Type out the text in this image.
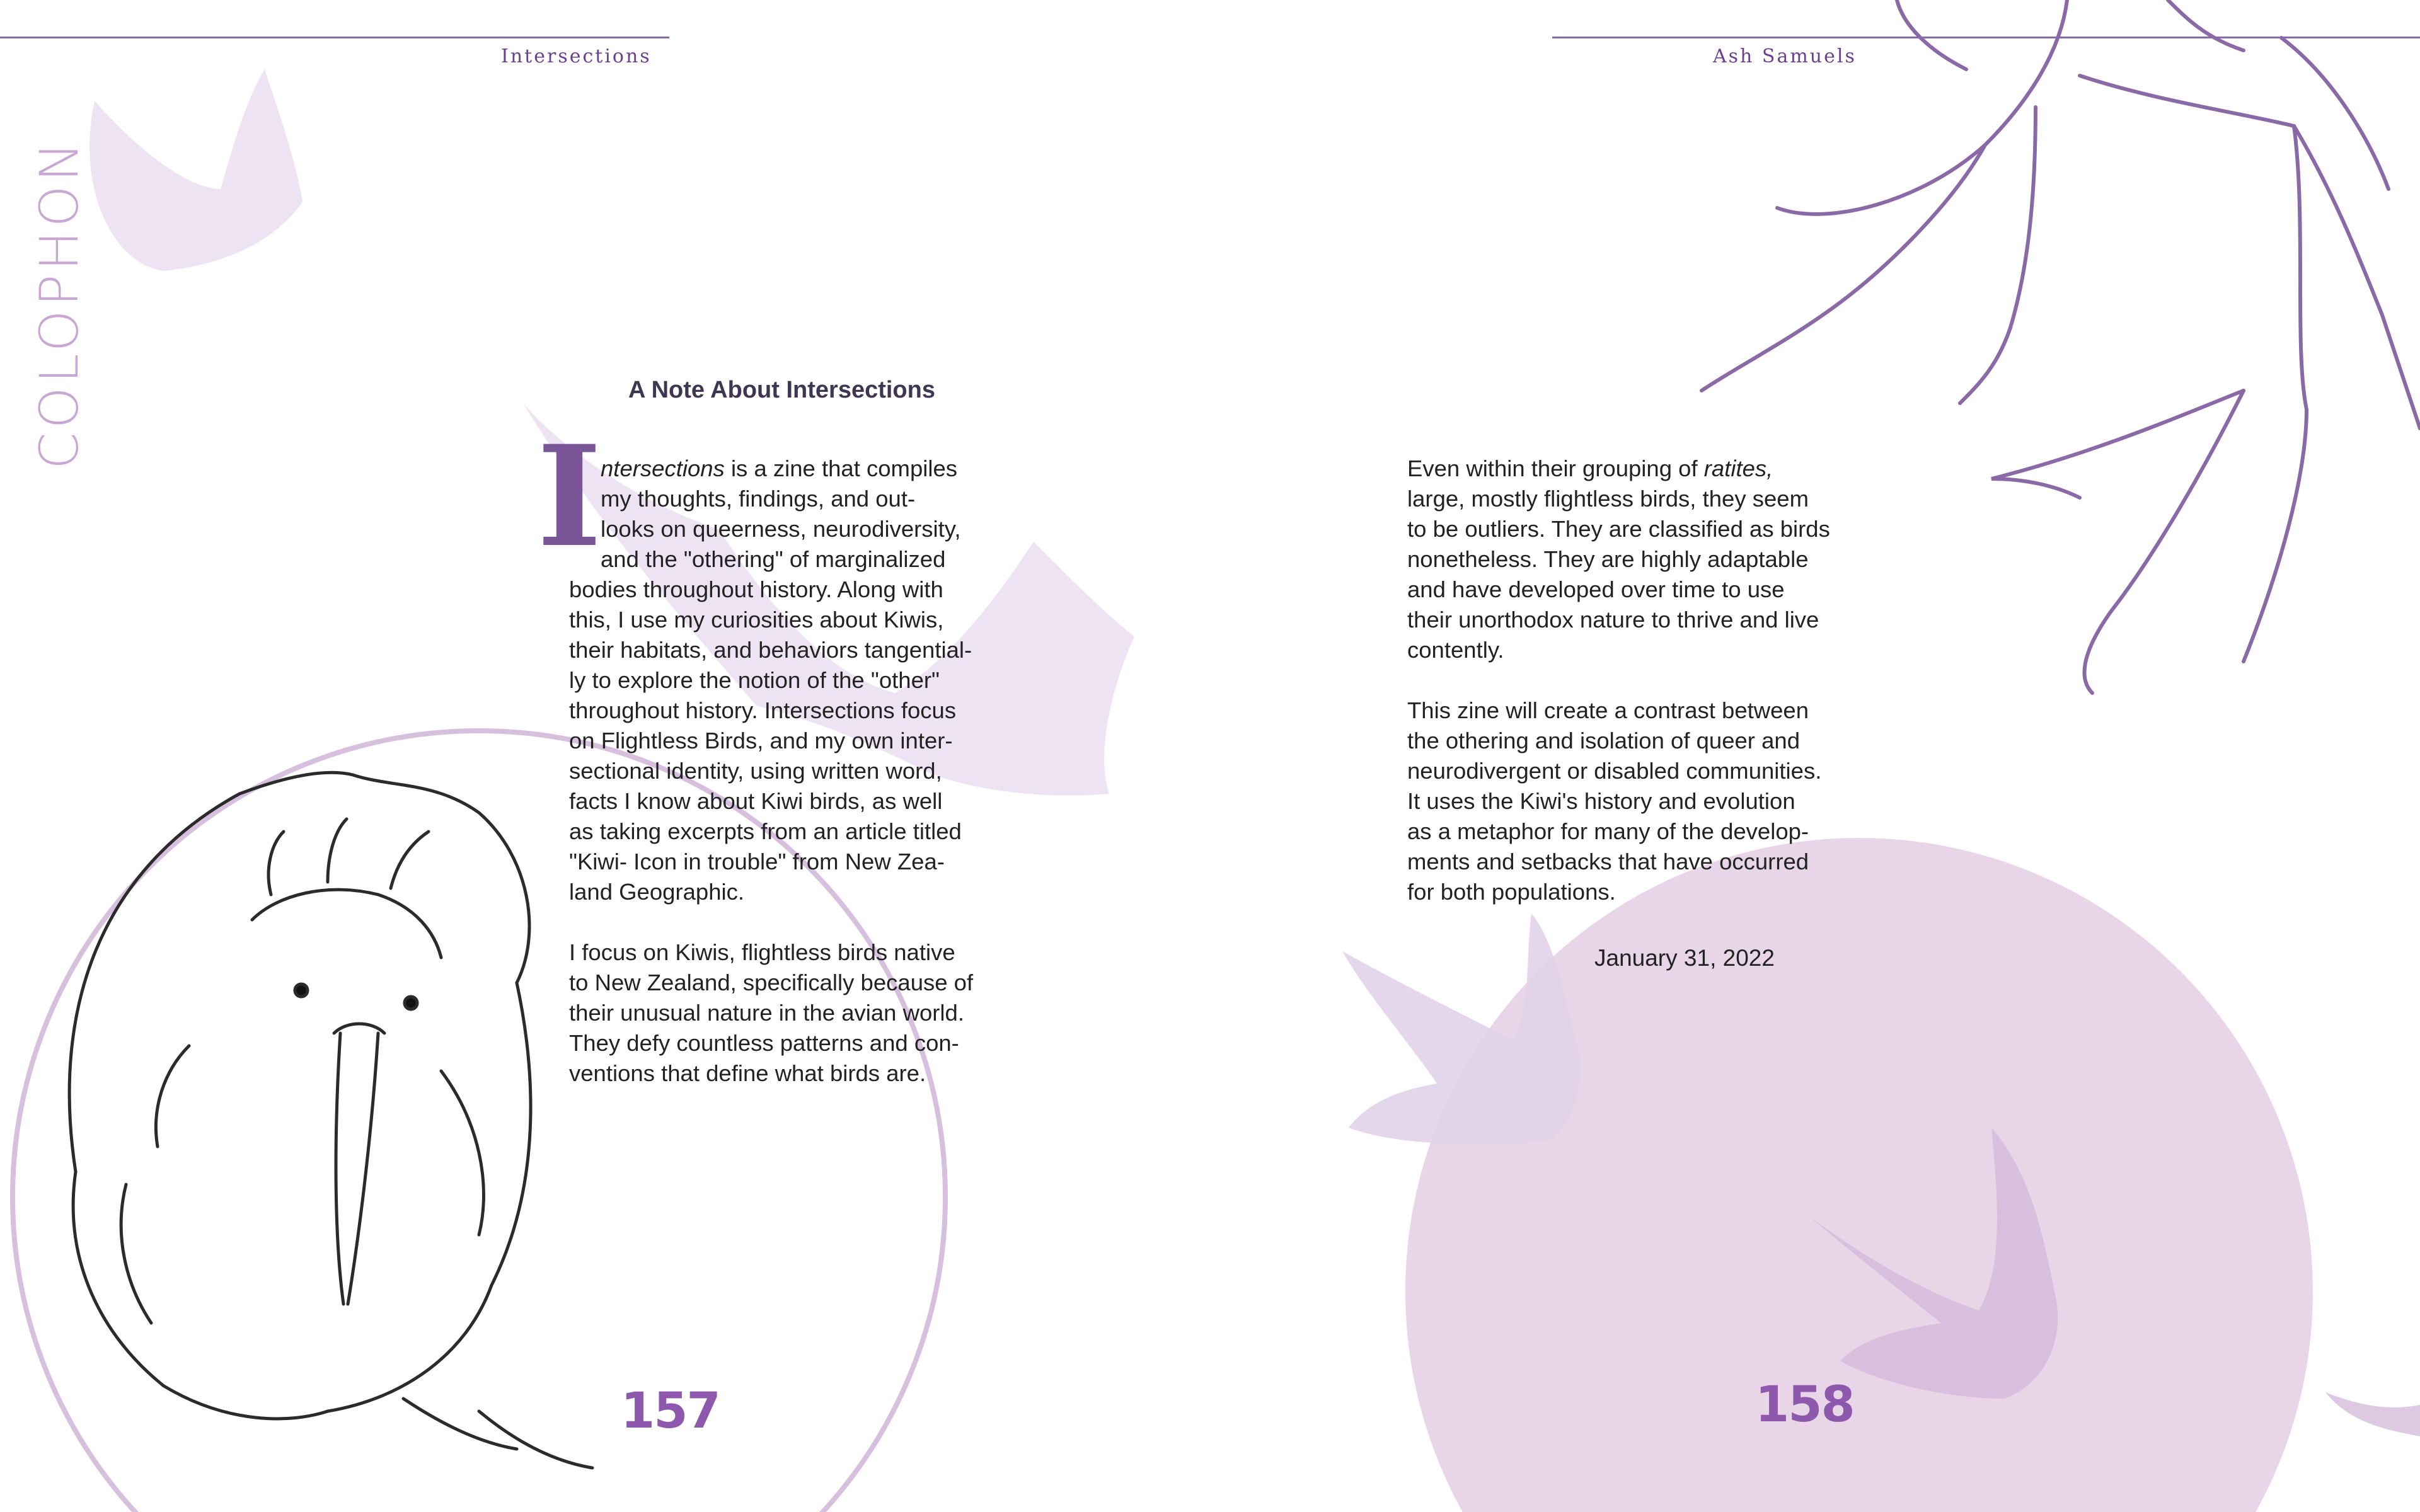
Intersections	Ash Samuels
COLOPHON	A Note About Intersections
I

ntersections is a zine that compiles

my thoughts, findings, and out-

looks on queerness, neurodiversity,

and the "othering" of marginalized

bodies throughout history. Along with

this, I use my curiosities about Kiwis,

their habitats, and behaviors tangential-

ly to explore the notion of the "other"

throughout history. Intersections focus

on Flightless Birds, and my own inter-

sectional identity, using written word,

facts I know about Kiwi birds, as well

as taking excerpts from an article titled

"Kiwi- Icon in trouble" from New Zea-

land Geographic.

I focus on Kiwis, flightless birds native

to New Zealand, specifically because of

their unusual nature in the avian world.

They defy countless patterns and con-

ventions that define what birds are.

157

Even within their grouping of ratites,

large, mostly flightless birds, they seem

to be outliers. They are classified as birds

nonetheless. They are highly adaptable

and have developed over time to use

their unorthodox nature to thrive and live

contently.

This zine will create a contrast between

the othering and isolation of queer and

neurodivergent or disabled communities.

It uses the Kiwi's history and evolution

as a metaphor for many of the develop-

ments and setbacks that have occurred

for both populations.

January 31, 2022
158
